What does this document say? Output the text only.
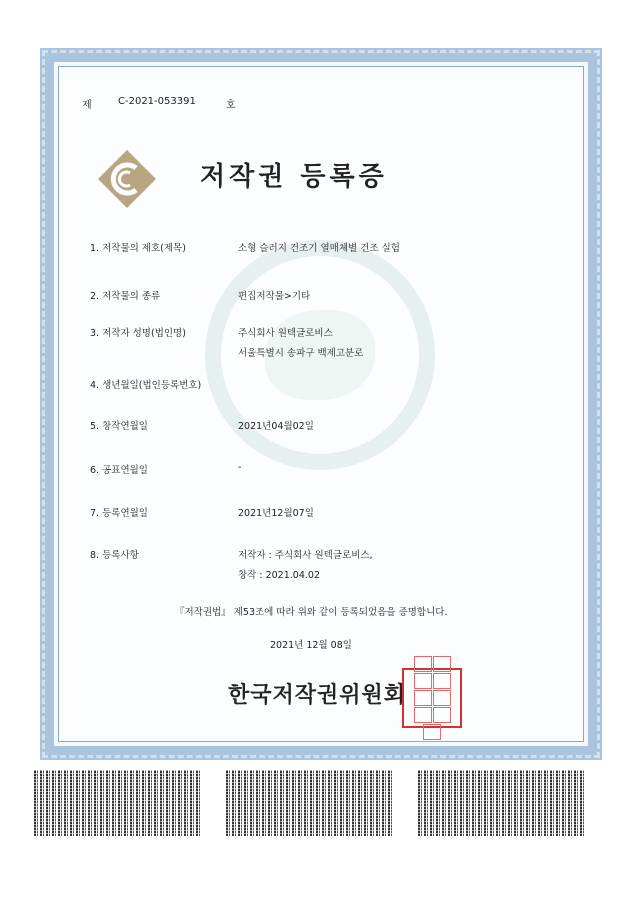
제	C-2021-053391	호
저작권 등록증
1. 저작물의 제호(제목)	소형 슬러지 건조기 열매체별 건조 실험
2. 저작물의 종류	편집저작물>기타
3. 저작자 성명(법인명)	주식회사 원텍글로비스
서울특별시 송파구 백제고분로
4. 생년월일(법인등록번호)
5. 창작연월일	2021년04월02일
6. 공표연월일	-
7. 등록연월일	2021년12월07일
8. 등록사항	저작자 : 주식회사 원텍글로비스,
창작 : 2021.04.02
『저작권법』 제53조에 따라 위와 같이 등록되었음을 증명합니다.
2021년 12월 08일
한국저작권위원회
